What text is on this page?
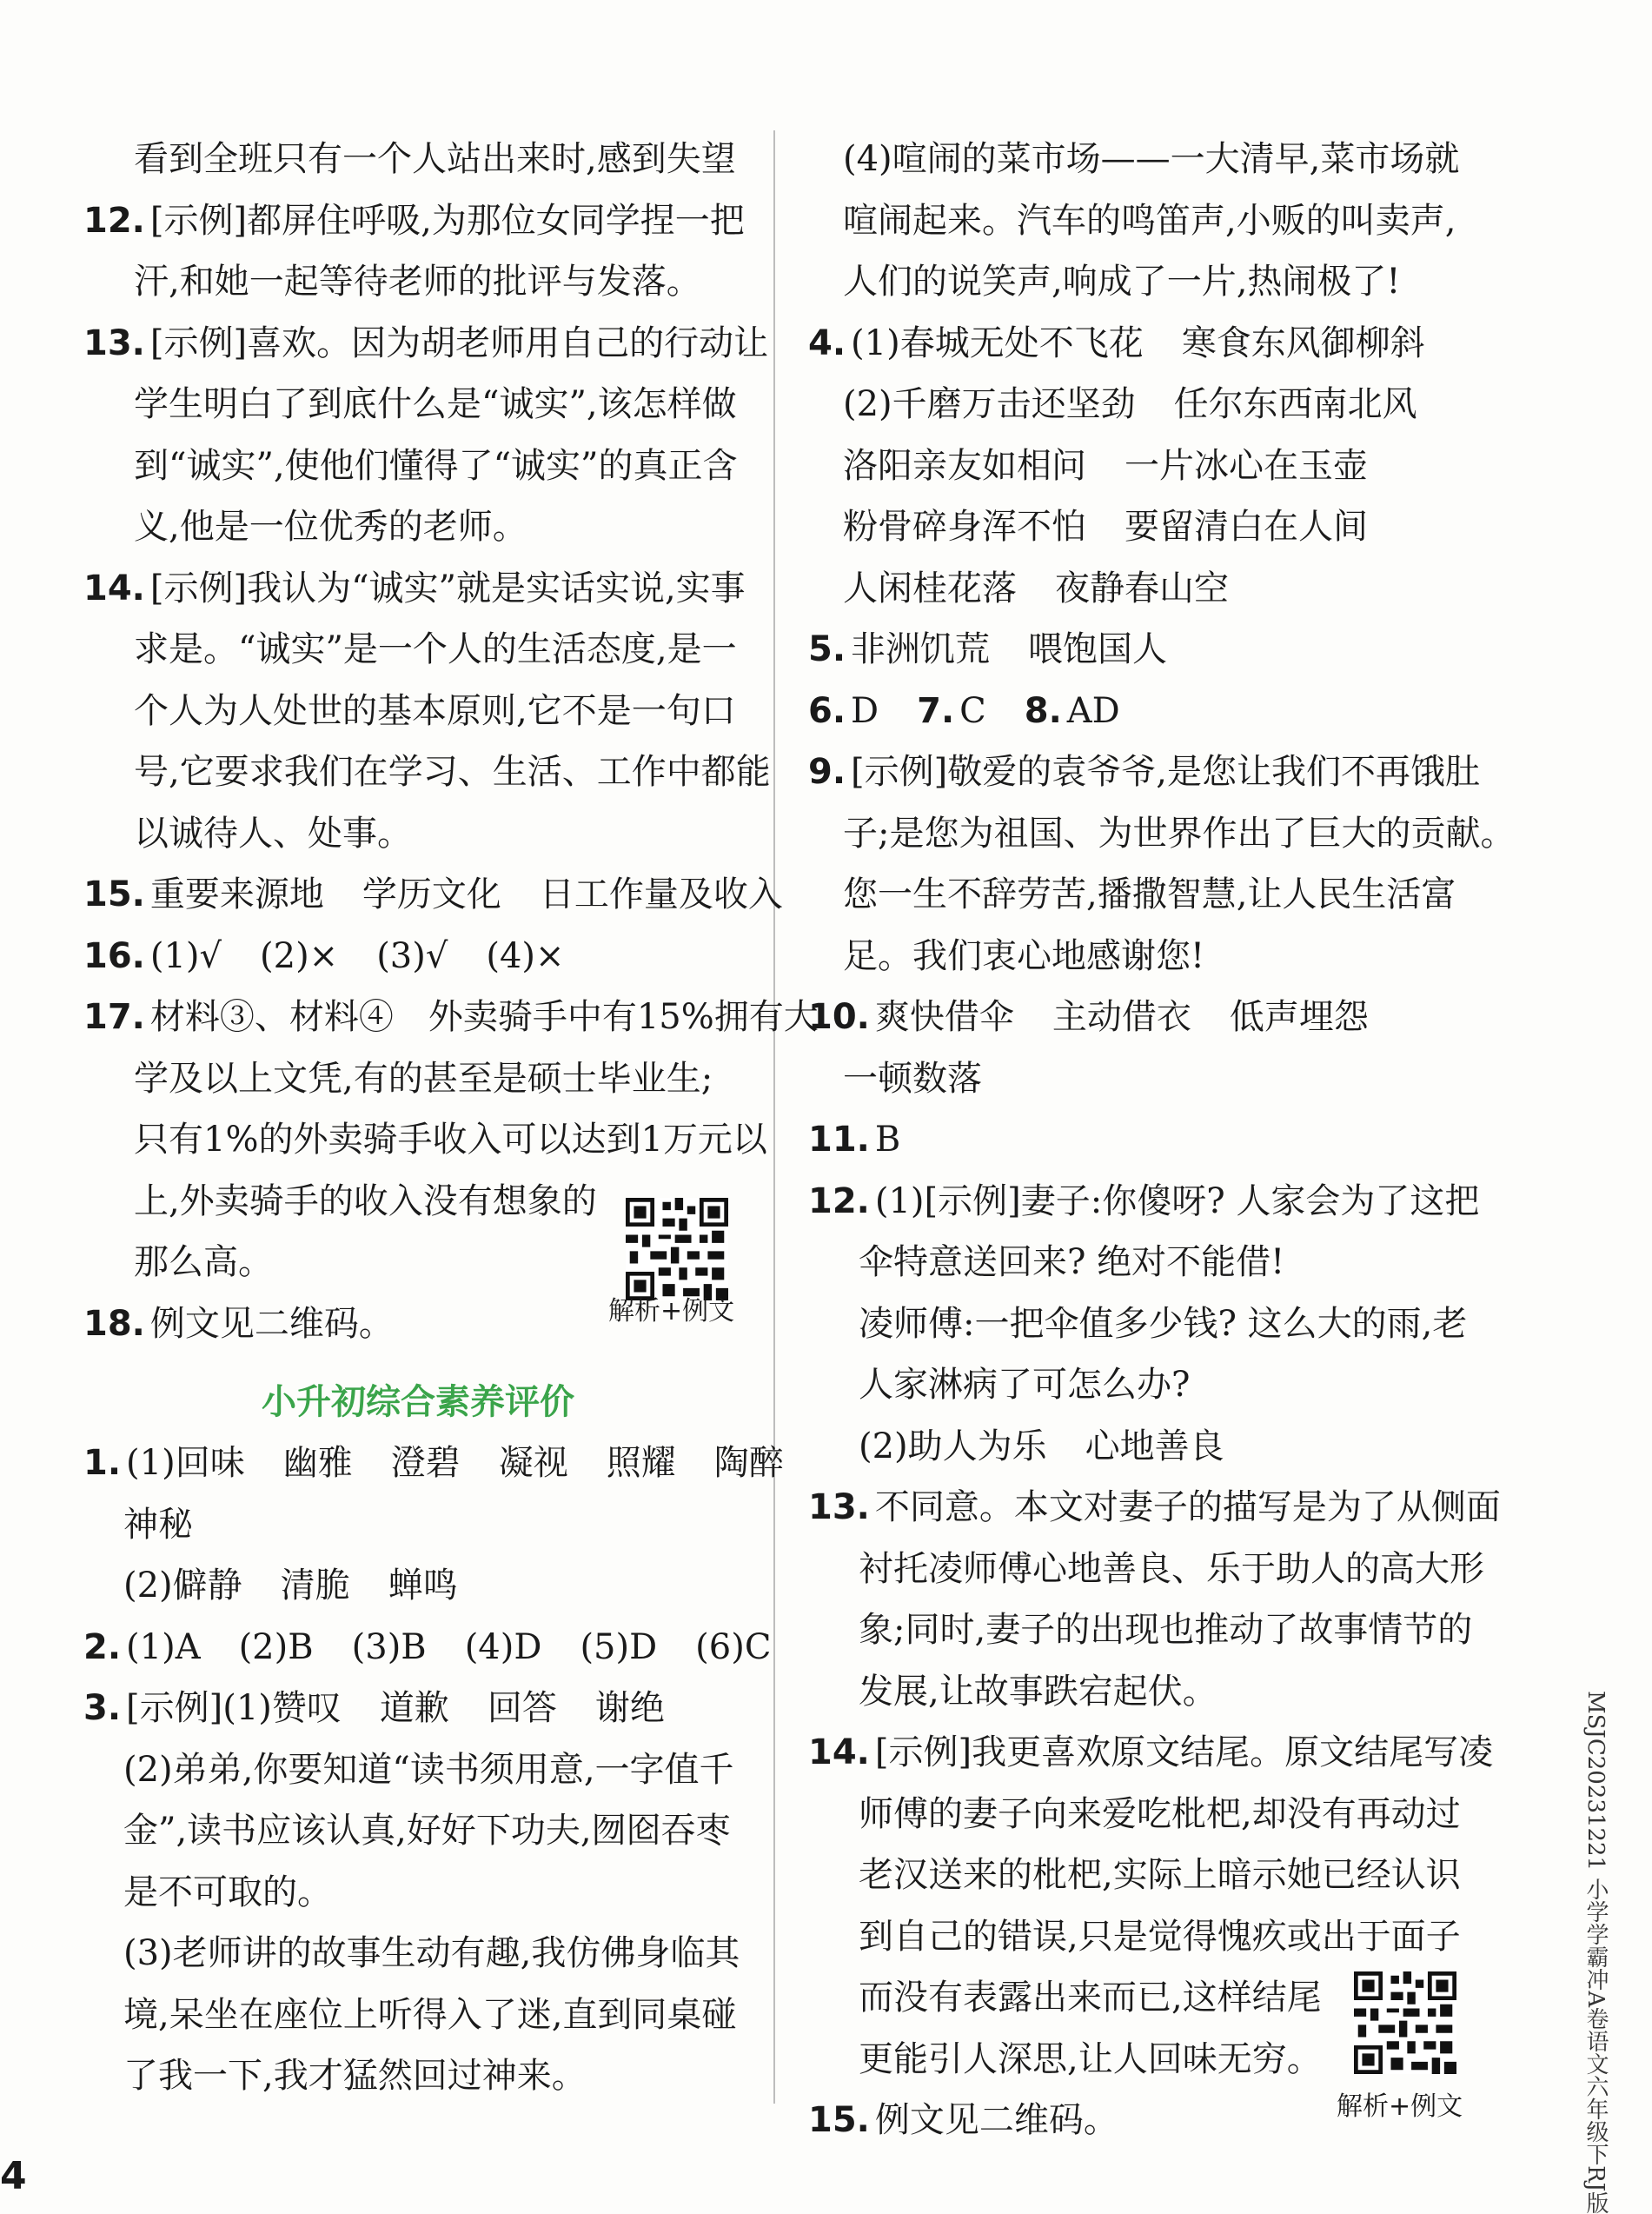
看到全班只有一个人站出来时,感到失望
12. [示例]都屏住呼吸,为那位女同学捏一把
汗,和她一起等待老师的批评与发落。
13. [示例]喜欢。因为胡老师用自己的行动让
学生明白了到底什么是“诚实”,该怎样做
到“诚实”,使他们懂得了“诚实”的真正含
义,他是一位优秀的老师。
14. [示例]我认为“诚实”就是实话实说,实事
求是。“诚实”是一个人的生活态度,是一
个人为人处世的基本原则,它不是一句口
号,它要求我们在学习、生活、工作中都能
以诚待人、处事。
15. 重要来源地 学历文化 日工作量及收入
16. (1)√ (2)× (3)√ (4)×
17. 材料③、材料④　外卖骑手中有15%拥有大
学及以上文凭,有的甚至是硕士毕业生;
只有1%的外卖骑手收入可以达到1万元以
上,外卖骑手的收入没有想象的
那么高。
18. 例文见二维码。
小升初综合素养评价
1. (1)回味 幽雅 澄碧 凝视 照耀 陶醉
神秘
(2)僻静 清脆 蝉鸣
2. (1)A (2)B (3)B (4)D (5)D (6)C
3. [示例](1)赞叹 道歉 回答 谢绝
(2)弟弟,你要知道“读书须用意,一字值千
金”,读书应该认真,好好下功夫,囫囵吞枣
是不可取的。
(3)老师讲的故事生动有趣,我仿佛身临其
境,呆坐在座位上听得入了迷,直到同桌碰
了我一下,我才猛然回过神来。
(4)喧闹的菜市场——一大清早,菜市场就
喧闹起来。汽车的鸣笛声,小贩的叫卖声,
人们的说笑声,响成了一片,热闹极了!
4. (1)春城无处不飞花 寒食东风御柳斜
(2)千磨万击还坚劲 任尔东西南北风
洛阳亲友如相问 一片冰心在玉壶
粉骨碎身浑不怕 要留清白在人间
人闲桂花落 夜静春山空
5. 非洲饥荒 喂饱国人
6. D 7. C 8. AD
9. [示例]敬爱的袁爷爷,是您让我们不再饿肚
子;是您为祖国、为世界作出了巨大的贡献。
您一生不辞劳苦,播撒智慧,让人民生活富
足。我们衷心地感谢您!
10. 爽快借伞 主动借衣 低声埋怨
一顿数落
11. B
12. (1)[示例]妻子:你傻呀? 人家会为了这把
伞特意送回来? 绝对不能借!
凌师傅:一把伞值多少钱? 这么大的雨,老
人家淋病了可怎么办?
(2)助人为乐 心地善良
13. 不同意。本文对妻子的描写是为了从侧面
衬托凌师傅心地善良、乐于助人的高大形
象;同时,妻子的出现也推动了故事情节的
发展,让故事跌宕起伏。
14. [示例]我更喜欢原文结尾。原文结尾写凌
师傅的妻子向来爱吃枇杷,却没有再动过
老汉送来的枇杷,实际上暗示她已经认识
到自己的错误,只是觉得愧疚或出于面子
而没有表露出来而已,这样结尾
更能引人深思,让人回味无穷。
15. 例文见二维码。
解析+例文
解析+例文	MSJC20231221 小学学霸冲A卷语文六年级下RJ版
4
